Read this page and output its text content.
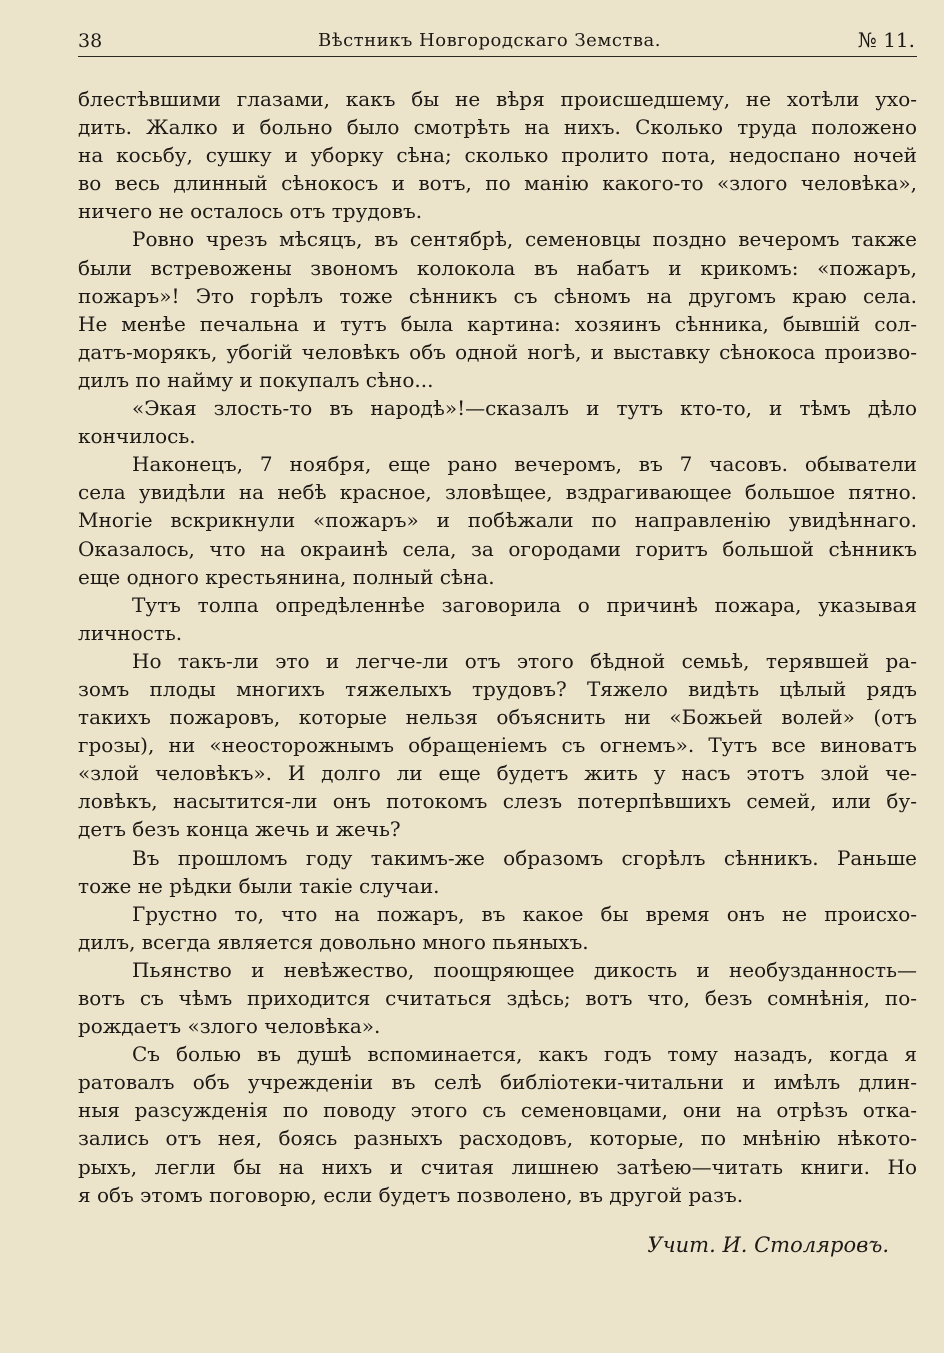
38	Вѣстникъ Новгородскаго Земства.	№ 11.
блестѣвшими глазами, какъ бы не вѣря происшедшему, не хотѣли ухо-
дить. Жалко и больно было смотрѣть на нихъ. Сколько труда положено
на косьбу, сушку и уборку сѣна; сколько пролито пота, недоспано ночей
во весь длинный сѣнокосъ и вотъ, по манію какого-то «злого человѣка»,
ничего не осталось отъ трудовъ.
Ровно чрезъ мѣсяцъ, въ сентябрѣ, семеновцы поздно вечеромъ также
были встревожены звономъ колокола въ набатъ и крикомъ: «пожаръ,
пожаръ»! Это горѣлъ тоже сѣнникъ съ сѣномъ на другомъ краю села.
Не менѣе печальна и тутъ была картина: хозяинъ сѣнника, бывшій сол-
датъ-морякъ, убогій человѣкъ объ одной ногѣ, и выставку сѣнокоса произво-
дилъ по найму и покупалъ сѣно...
«Экая злость-то въ народѣ»!—сказалъ и тутъ кто-то, и тѣмъ дѣло
кончилось.
Наконецъ, 7 ноября, еще рано вечеромъ, въ 7 часовъ. обыватели
села увидѣли на небѣ красное, зловѣщее, вздрагивающее большое пятно.
Многіе вскрикнули «пожаръ» и побѣжали по направленію увидѣннаго.
Оказалось, что на окраинѣ села, за огородами горитъ большой сѣнникъ
еще одного крестьянина, полный сѣна.
Тутъ толпа опредѣленнѣе заговорила о причинѣ пожара, указывая
личность.
Но такъ-ли это и легче-ли отъ этого бѣдной семьѣ, терявшей ра-
зомъ плоды многихъ тяжелыхъ трудовъ? Тяжело видѣть цѣлый рядъ
такихъ пожаровъ, которые нельзя объяснить ни «Божьей волей» (отъ
грозы), ни «неосторожнымъ обращеніемъ съ огнемъ». Тутъ все виноватъ
«злой человѣкъ». И долго ли еще будетъ жить у насъ этотъ злой че-
ловѣкъ, насытится-ли онъ потокомъ слезъ потерпѣвшихъ семей, или бу-
детъ безъ конца жечь и жечь?
Въ прошломъ году такимъ-же образомъ сгорѣлъ сѣнникъ. Раньше
тоже не рѣдки были такіе случаи.
Грустно то, что на пожаръ, въ какое бы время онъ не происхо-
дилъ, всегда является довольно много пьяныхъ.
Пьянство и невѣжество, поощряющее дикость и необузданность—
вотъ съ чѣмъ приходится считаться здѣсь; вотъ что, безъ сомнѣнія, по-
рождаетъ «злого человѣка».
Съ болью въ душѣ вспоминается, какъ годъ тому назадъ, когда я
ратовалъ объ учрежденіи въ селѣ библіотеки-читальни и имѣлъ длин-
ныя разсужденія по поводу этого съ семеновцами, они на отрѣзъ отка-
зались отъ нея, боясь разныхъ расходовъ, которые, по мнѣнію нѣкото-
рыхъ, легли бы на нихъ и считая лишнею затѣею—читать книги. Но
я объ этомъ поговорю, если будетъ позволено, въ другой разъ.
Учит. И. Столяровъ.
